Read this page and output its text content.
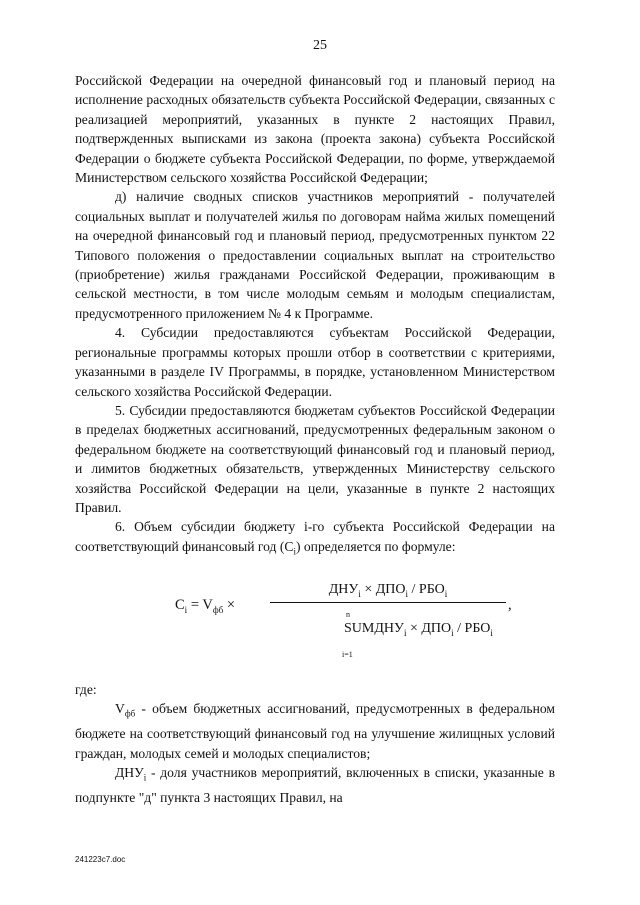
25

Российской Федерации на очередной финансовый год и плановый период на исполнение расходных обязательств субъекта Российской Федерации, связанных с реализацией мероприятий, указанных в пункте 2 настоящих Правил, подтвержденных выписками из закона (проекта закона) субъекта Российской Федерации о бюджете субъекта Российской Федерации, по форме, утверждаемой Министерством сельского хозяйства Российской Федерации;

д) наличие сводных списков участников мероприятий - получателей социальных выплат и получателей жилья по договорам найма жилых помещений на очередной финансовый год и плановый период, предусмотренных пунктом 22 Типового положения о предоставлении социальных выплат на строительство (приобретение) жилья гражданами Российской Федерации, проживающим в сельской местности, в том числе молодым семьям и молодым специалистам, предусмотренного приложением № 4 к Программе.

4. Субсидии предоставляются субъектам Российской Федерации, региональные программы которых прошли отбор в соответствии с критериями, указанными в разделе IV Программы, в порядке, установленном Министерством сельского хозяйства Российской Федерации.

5. Субсидии предоставляются бюджетам субъектов Российской Федерации в пределах бюджетных ассигнований, предусмотренных федеральным законом о федеральном бюджете на соответствующий финансовый год и плановый период, и лимитов бюджетных обязательств, утвержденных Министерству сельского хозяйства Российской Федерации на цели, указанные в пункте 2 настоящих Правил.

6. Объем субсидии бюджету i-го субъекта Российской Федерации на соответствующий финансовый год $(C_i)$ определяется по формуле:

$C_i = V_{фб}$ ×
$ДНУ_i \times ДПО_i / РБО_i$
n
$SUMДНУ_i \times ДПО_i / РБО_i$
i=1
,

где:

$V_{фб}$ - объем бюджетных ассигнований, предусмотренных в федеральном бюджете на соответствующий финансовый год на улучшение жилищных условий граждан, молодых семей и молодых специалистов;

$ДНУ_i$ - доля участников мероприятий, включенных в списки, указанные в подпункте "д" пункта 3 настоящих Правил, на

241223c7.doc
